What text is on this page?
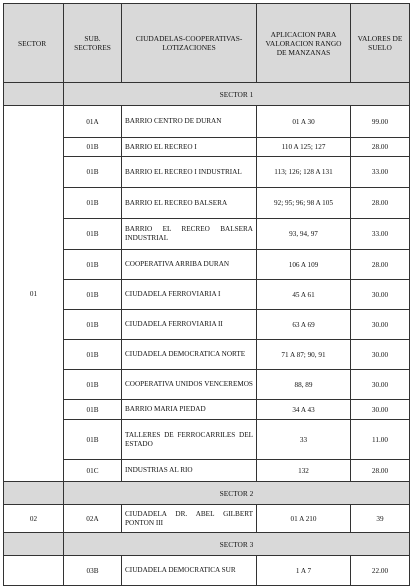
SECTOR	SUB. SECTORES	CIUDADELAS-COOPERATIVAS-LOTIZACIONES	APLICACION PARA VALORACION RANGO DE MANZANAS	VALORES DE SUELO
	SECTOR 1			
01	01A	BARRIO CENTRO DE DURAN	01 A 30	99.00
	01B	BARRIO EL RECREO I	110 A 125; 127	28.00
	01B	BARRIO EL RECREO I INDUSTRIAL	113; 126; 128 A 131	33.00
	01B	BARRIO EL RECREO BALSERA	92; 95; 96; 98 A 105	28.00
	01B	BARRIO EL RECREO BALSERA INDUSTRIAL	93, 94, 97	33.00
	01B	COOPERATIVA ARRIBA DURAN	106 A 109	28.00
	01B	CIUDADELA FERROVIARIA I	45 A 61	30.00
	01B	CIUDADELA FERROVIARIA II	63 A 69	30.00
	01B	CIUDADELA DEMOCRATICA NORTE	71 A 87; 90, 91	30.00
	01B	COOPERATIVA UNIDOS VENCEREMOS	88, 89	30.00
	01B	BARRIO MARIA PIEDAD	34 A 43	30.00
	01B	TALLERES DE FERROCARRILES DEL ESTADO	33	11.00
	01C	INDUSTRIAS AL RIO	132	28.00
	SECTOR 2			
02	02A	CIUDADELA DR. ABEL GILBERT PONTON III	01 A 210	39
	SECTOR 3			
	03B	CIUDADELA DEMOCRATICA SUR	1 A 7	22.00
